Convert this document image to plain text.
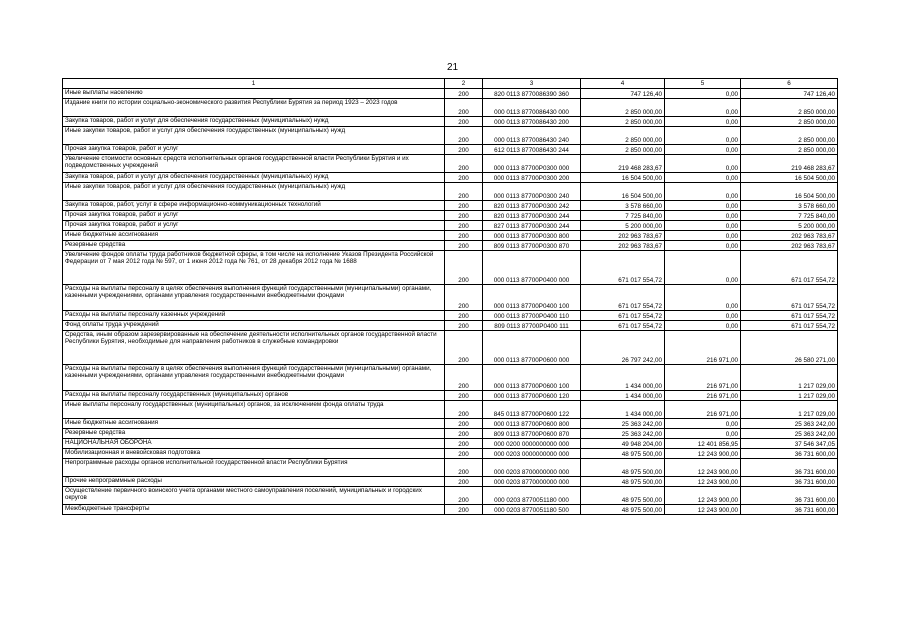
21
1	2	3	4	5	6
Иные выплаты населению	200	820 0113 8770086390 360	747 126,40	0,00	747 126,40
Издание книги по истории социально-экономического развития Республики Бурятия за период 1923 – 2023 годов	200	000 0113 8770086430 000	2 850 000,00	0,00	2 850 000,00
Закупка товаров, работ и услуг для обеспечения государственных (муниципальных) нужд	200	000 0113 8770086430 200	2 850 000,00	0,00	2 850 000,00
Иные закупки товаров, работ и услуг для обеспечения государственных (муниципальных) нужд	200	000 0113 8770086430 240	2 850 000,00	0,00	2 850 000,00
Прочая закупка товаров, работ и услуг	200	612 0113 8770086430 244	2 850 000,00	0,00	2 850 000,00
Увеличение стоимости основных средств исполнительных органов государственной власти Республики Бурятия и их подведомственных учреждений	200	000 0113 87700P0300 000	219 468 283,67	0,00	219 468 283,67
Закупка товаров, работ и услуг для обеспечения государственных (муниципальных) нужд	200	000 0113 87700P0300 200	16 504 500,00	0,00	16 504 500,00
Иные закупки товаров, работ и услуг для обеспечения государственных (муниципальных) нужд	200	000 0113 87700P0300 240	16 504 500,00	0,00	16 504 500,00
Закупка товаров, работ, услуг в сфере информационно-коммуникационных технологий	200	820 0113 87700P0300 242	3 578 660,00	0,00	3 578 660,00
Прочая закупка товаров, работ и услуг	200	820 0113 87700P0300 244	7 725 840,00	0,00	7 725 840,00
Прочая закупка товаров, работ и услуг	200	827 0113 87700P0300 244	5 200 000,00	0,00	5 200 000,00
Иные бюджетные ассигнования	200	000 0113 87700P0300 800	202 963 783,67	0,00	202 963 783,67
Резервные средства	200	809 0113 87700P0300 870	202 963 783,67	0,00	202 963 783,67
Увеличение фондов оплаты труда работников бюджетной сферы, в том числе на исполнение Указов Президента Российской Федерации от 7 мая 2012 года № 597, от 1 июня 2012 года № 761, от 28 декабря 2012 года № 1688	200	000 0113 87700P0400 000	671 017 554,72	0,00	671 017 554,72
Расходы на выплаты персоналу в целях обеспечения выполнения функций государственными (муниципальными) органами, казенными учреждениями, органами управления государственными внебюджетными фондами	200	000 0113 87700P0400 100	671 017 554,72	0,00	671 017 554,72
Расходы на выплаты персоналу казенных учреждений	200	000 0113 87700P0400 110	671 017 554,72	0,00	671 017 554,72
Фонд оплаты труда учреждений	200	809 0113 87700P0400 111	671 017 554,72	0,00	671 017 554,72
Средства, иным образом зарезервированные на обеспечение деятельности исполнительных органов государственной власти Республики Бурятия, необходимые для направления работников в служебные командировки	200	000 0113 87700P0600 000	26 797 242,00	216 971,00	26 580 271,00
Расходы на выплаты персоналу в целях обеспечения выполнения функций государственными (муниципальными) органами, казенными учреждениями, органами управления государственными внебюджетными фондами	200	000 0113 87700P0600 100	1 434 000,00	216 971,00	1 217 029,00
Расходы на выплаты персоналу государственных (муниципальных) органов	200	000 0113 87700P0600 120	1 434 000,00	216 971,00	1 217 029,00
Иные выплаты персоналу государственных (муниципальных) органов, за исключением фонда оплаты труда	200	845 0113 87700P0600 122	1 434 000,00	216 971,00	1 217 029,00
Иные бюджетные ассигнования	200	000 0113 87700P0600 800	25 363 242,00	0,00	25 363 242,00
Резервные средства	200	809 0113 87700P0600 870	25 363 242,00	0,00	25 363 242,00
НАЦИОНАЛЬНАЯ ОБОРОНА	200	000 0200 0000000000 000	49 948 204,00	12 401 856,95	37 546 347,05
Мобилизационная и вневойсковая подготовка	200	000 0203 0000000000 000	48 975 500,00	12 243 900,00	36 731 600,00
Непрограммные расходы органов исполнительной государственной власти Республики Бурятия	200	000 0203 8700000000 000	48 975 500,00	12 243 900,00	36 731 600,00
Прочие непрограммные расходы	200	000 0203 8770000000 000	48 975 500,00	12 243 900,00	36 731 600,00
Осуществление первичного воинского учета органами местного самоуправления поселений, муниципальных и городских округов	200	000 0203 8770051180 000	48 975 500,00	12 243 900,00	36 731 600,00
Межбюджетные трансферты	200	000 0203 8770051180 500	48 975 500,00	12 243 900,00	36 731 600,00
